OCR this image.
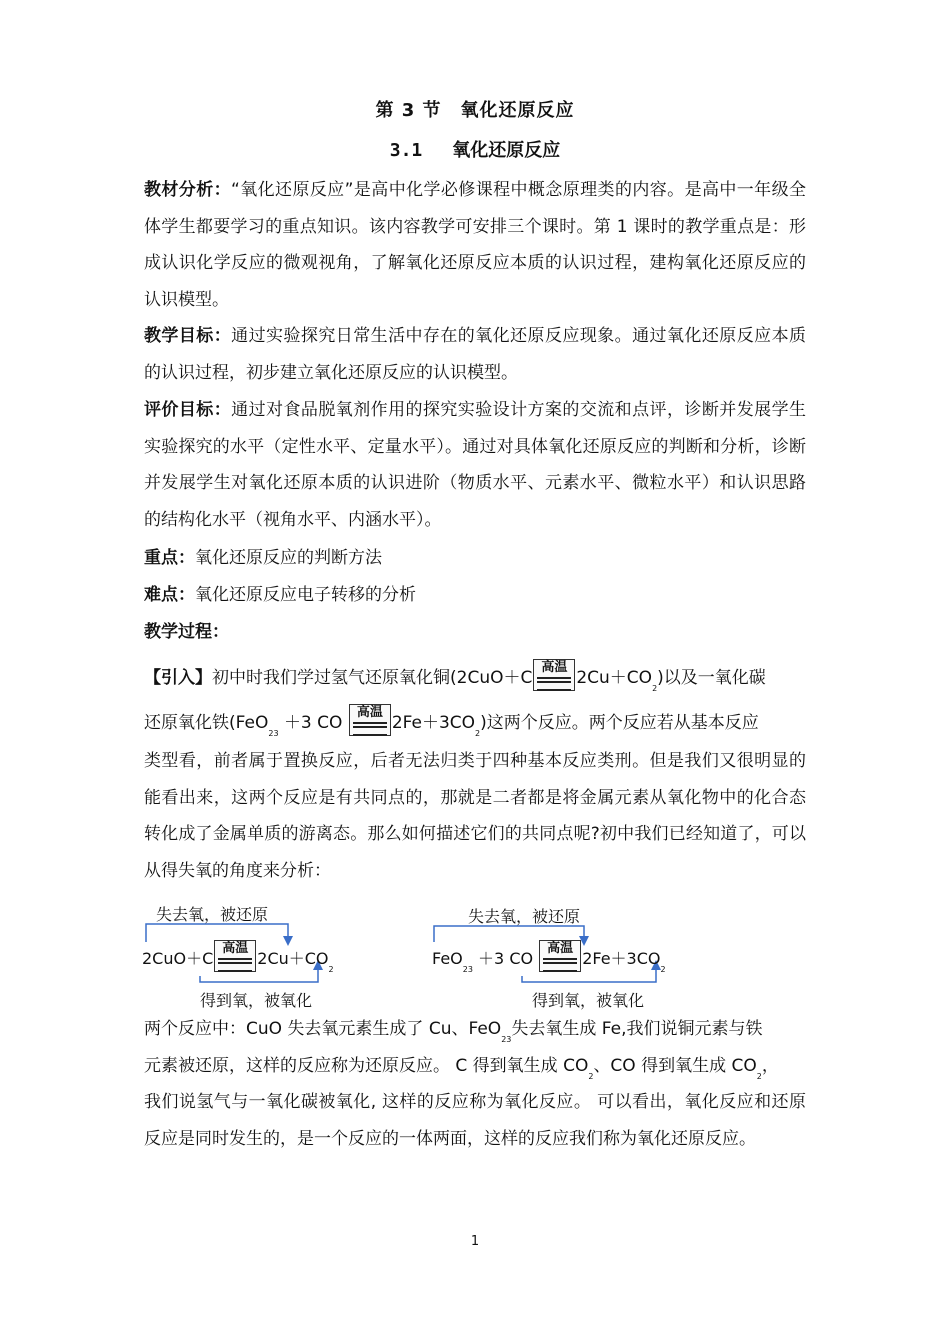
第 3 节　氧化还原反应
3.1 氧化还原反应
教材分析：“氧化还原反应”是高中化学必修课程中概念原理类的内容。是高中一年级全体学生都要学习的重点知识。该内容教学可安排三个课时。第 1 课时的教学重点是：形成认识化学反应的微观视角，了解氧化还原反应本质的认识过程，建构氧化还原反应的认识模型。
教学目标：通过实验探究日常生活中存在的氧化还原反应现象。通过氧化还原反应本质的认识过程，初步建立氧化还原反应的认识模型。
评价目标：通过对食品脱氧剂作用的探究实验设计方案的交流和点评，诊断并发展学生实验探究的水平（定性水平、定量水平）。通过对具体氧化还原反应的判断和分析，诊断并发展学生对氧化还原本质的认识进阶（物质水平、元素水平、微粒水平）和认识思路的结构化水平（视角水平、内涵水平）。
重点：氧化还原反应的判断方法
难点：氧化还原反应电子转移的分析
教学过程：
【引入】初中时我们学过氢气还原氧化铜(2CuO＋C
高温
$2Cu+CO_2$)以及一氧化碳
还原氧化铁(FeO$_{23}$ ＋3 CO
高温
$2Fe+3CO_2$)这两个反应。两个反应若从基本反应
类型看，前者属于置换反应，后者无法归类于四种基本反应类刑。但是我们又很明显的能看出来，这两个反应是有共同点的，那就是二者都是将金属元素从氧化物中的化合态转化成了金属单质的游离态。那么如何描述它们的共同点呢?初中我们已经知道了，可以从得失氧的角度来分析：
失去氧，被还原
2CuO＋C
高温
$2Cu+CO_2$
得到氧，被氧化
失去氧，被还原
FeO$_{23}$ ＋3 CO
高温
$2Fe+3CO_2$
得到氧，被氧化
两个反应中：CuO 失去氧元素生成了 Cu、FeO$_{23}$失去氧生成 Fe,我们说铜元素与铁
元素被还原，这样的反应称为还原反应。 C 得到氧生成 $CO_2$、CO 得到氧生成 $CO_2$，
我们说氢气与一氧化碳被氧化, 这样的反应称为氧化反应。 可以看出，氧化反应和还原反应是同时发生的，是一个反应的一体两面，这样的反应我们称为氧化还原反应。
1
